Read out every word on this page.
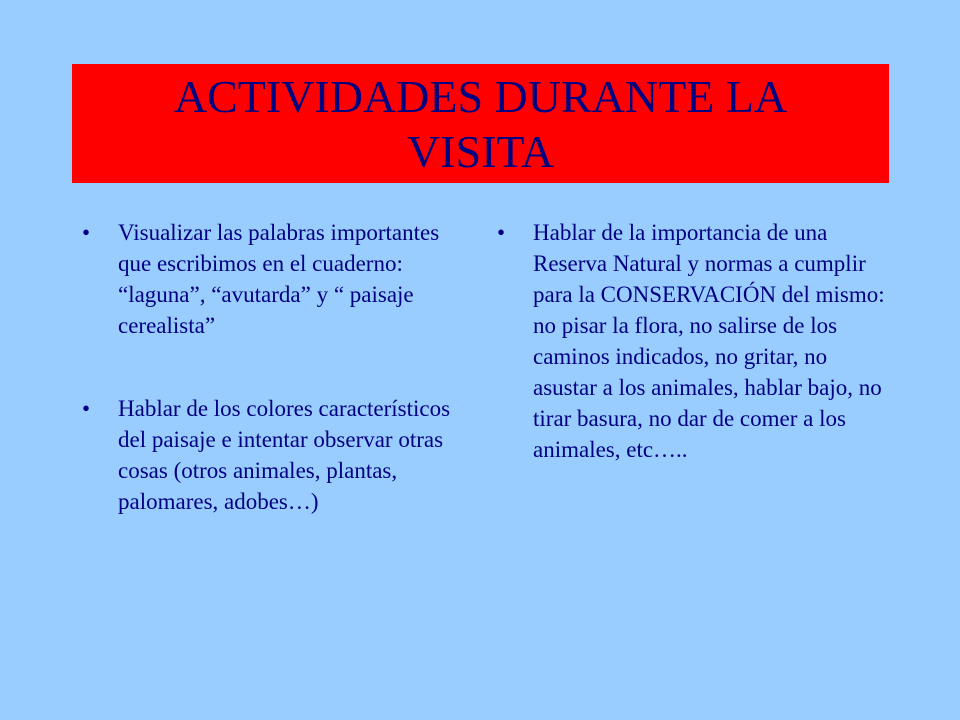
ACTIVIDADES DURANTE LA VISITA
• Visualizar las palabras importantes que escribimos en el cuaderno: “laguna”, “avutarda” y “ paisaje cerealista”
• Hablar de los colores característicos del paisaje e intentar observar otras cosas (otros animales, plantas, palomares, adobes…)
• Hablar de la importancia de una Reserva Natural y normas a cumplir para la CONSERVACIÓN del mismo: no pisar la flora, no salirse de los caminos indicados, no gritar, no asustar a los animales, hablar bajo, no tirar basura, no dar de comer a los animales, etc…..
